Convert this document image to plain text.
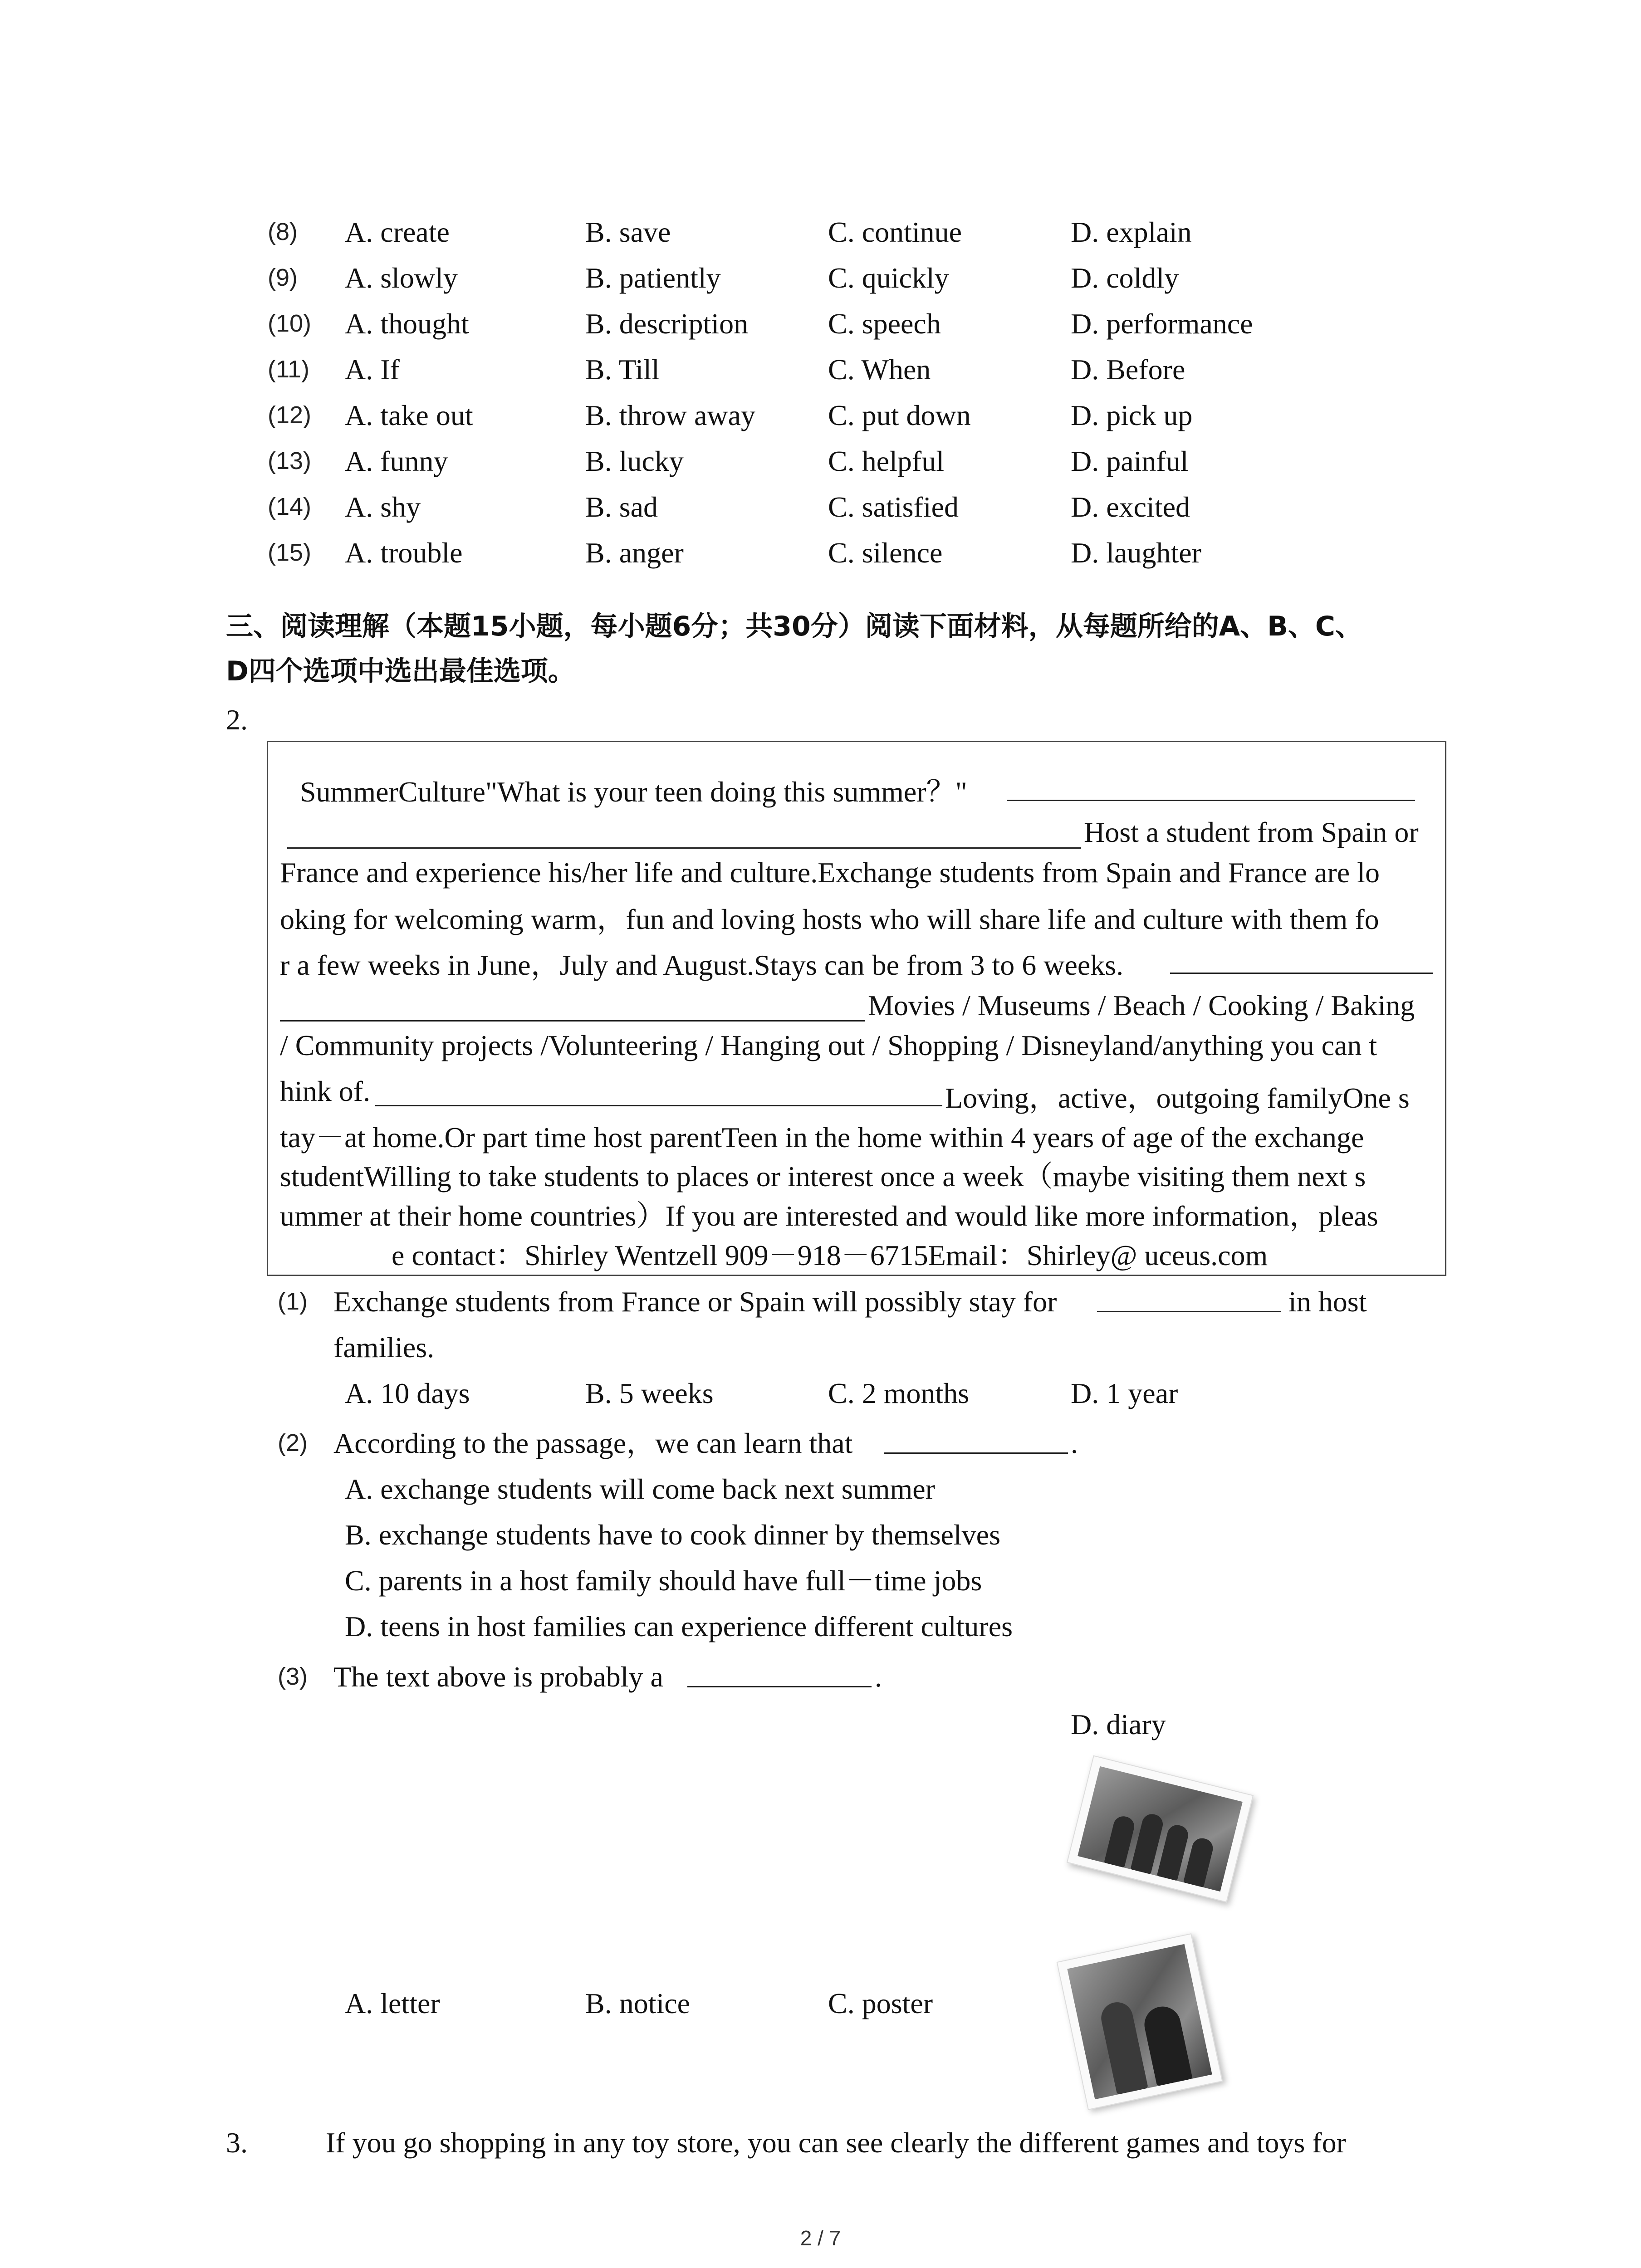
(8) A. create	B. save	C. continue	D. explain
(9) A. slowly	B. patiently	C. quickly	D. coldly
(10) A. thought	B. description	C. speech	D. performance
(11) A. If	B. Till	C. When	D. Before
(12) A. take out	B. throw away C. put down	D. pick up
(13) A. funny	B. lucky	C. helpful	D. painful
(14) A. shy	B. sad	C. satisfied	D. excited
(15) A. trouble	B. anger	C. silence	D. laughter
三、阅读理解（本题15小题，每小题6分；共30分）阅读下面材料，从每题所给的A、B、C、
D四个选项中选出最佳选项。
2.
SummerCulture"What is your teen doing this summer？"
Host a student from Spain or
France and experience his/her life and culture.Exchange students from Spain and France are lo
oking for welcoming warm，fun and loving hosts who will share life and culture with them fo
r a few weeks in June，July and August.Stays can be from 3 to 6 weeks.
Movies / Museums / Beach / Cooking / Baking
/ Community projects /Volunteering / Hanging out / Shopping / Disneyland/anything you can t
hink of.	Loving，active，outgoing familyOne s
tay－at home.Or part time host parentTeen in the home within 4 years of age of the exchange
studentWilling to take students to places or interest once a week（maybe visiting them next s
ummer at their home countries）If you are interested and would like more information，pleas
e contact：Shirley Wentzell 909－918－6715Email：Shirley@ uceus.com
(1) Exchange students from France or Spain will possibly stay for	in host
families.
A. 10 days	B. 5 weeks	C. 2 months	D. 1 year
(2) According to the passage，we can learn that	.
A. exchange students will come back next summer
B. exchange students have to cook dinner by themselves
C. parents in a host family should have full－time jobs
D. teens in host families can experience different cultures
(3) The text above is probably a	.
D. diary
A. letter	B. notice	C. poster
3.	If you go shopping in any toy store, you can see clearly the different games and toys for
2 / 7
